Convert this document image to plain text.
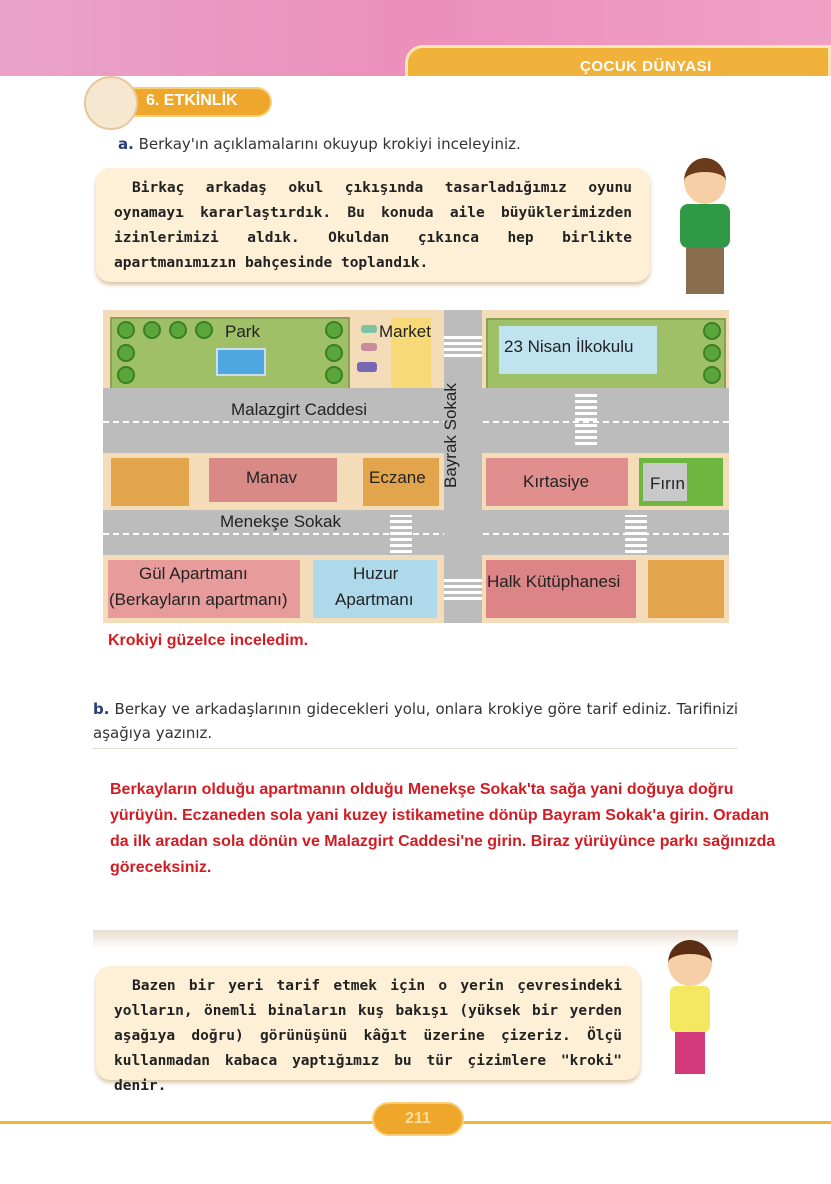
ÇOCUK DÜNYASI
6. ETKİNLİK
a. Berkay'ın açıklamalarını okuyup krokiyi inceleyiniz.
Birkaç arkadaş okul çıkışında tasarladığımız oyunu oynamayı kararlaştırdık. Bu konuda aile büyüklerimizden izinlerimizi aldık. Okuldan çıkınca hep birlikte apartmanımızın bahçesinde toplandık.
Park	Market
23 Nisan İlkokulu
Malazgirt Caddesi	Bayrak Sokak
Manav	Eczane	Kırtasiye	Fırın
Menekşe Sokak
Gül Apartmanı
(Berkayların apartmanı)
Huzur
Apartmanı
Halk Kütüphanesi
Krokiyi güzelce inceledim.
b. Berkay ve arkadaşlarının gidecekleri yolu, onlara krokiye göre tarif ediniz. Tarifinizi aşağıya yazınız.
Berkayların olduğu apartmanın olduğu Menekşe Sokak'ta sağa yani doğuya doğru yürüyün. Eczaneden sola yani kuzey istikametine dönüp Bayram Sokak'a girin. Oradan da ilk aradan sola dönün ve Malazgirt Caddesi'ne girin. Biraz yürüyünce parkı sağınızda göreceksiniz.
Bazen bir yeri tarif etmek için o yerin çevresindeki yolların, önemli binaların kuş bakışı (yüksek bir yerden aşağıya doğru) görünüşünü kâğıt üzerine çizeriz. Ölçü kullanmadan kabaca yaptığımız bu tür çizimlere "kroki" denir.
211
